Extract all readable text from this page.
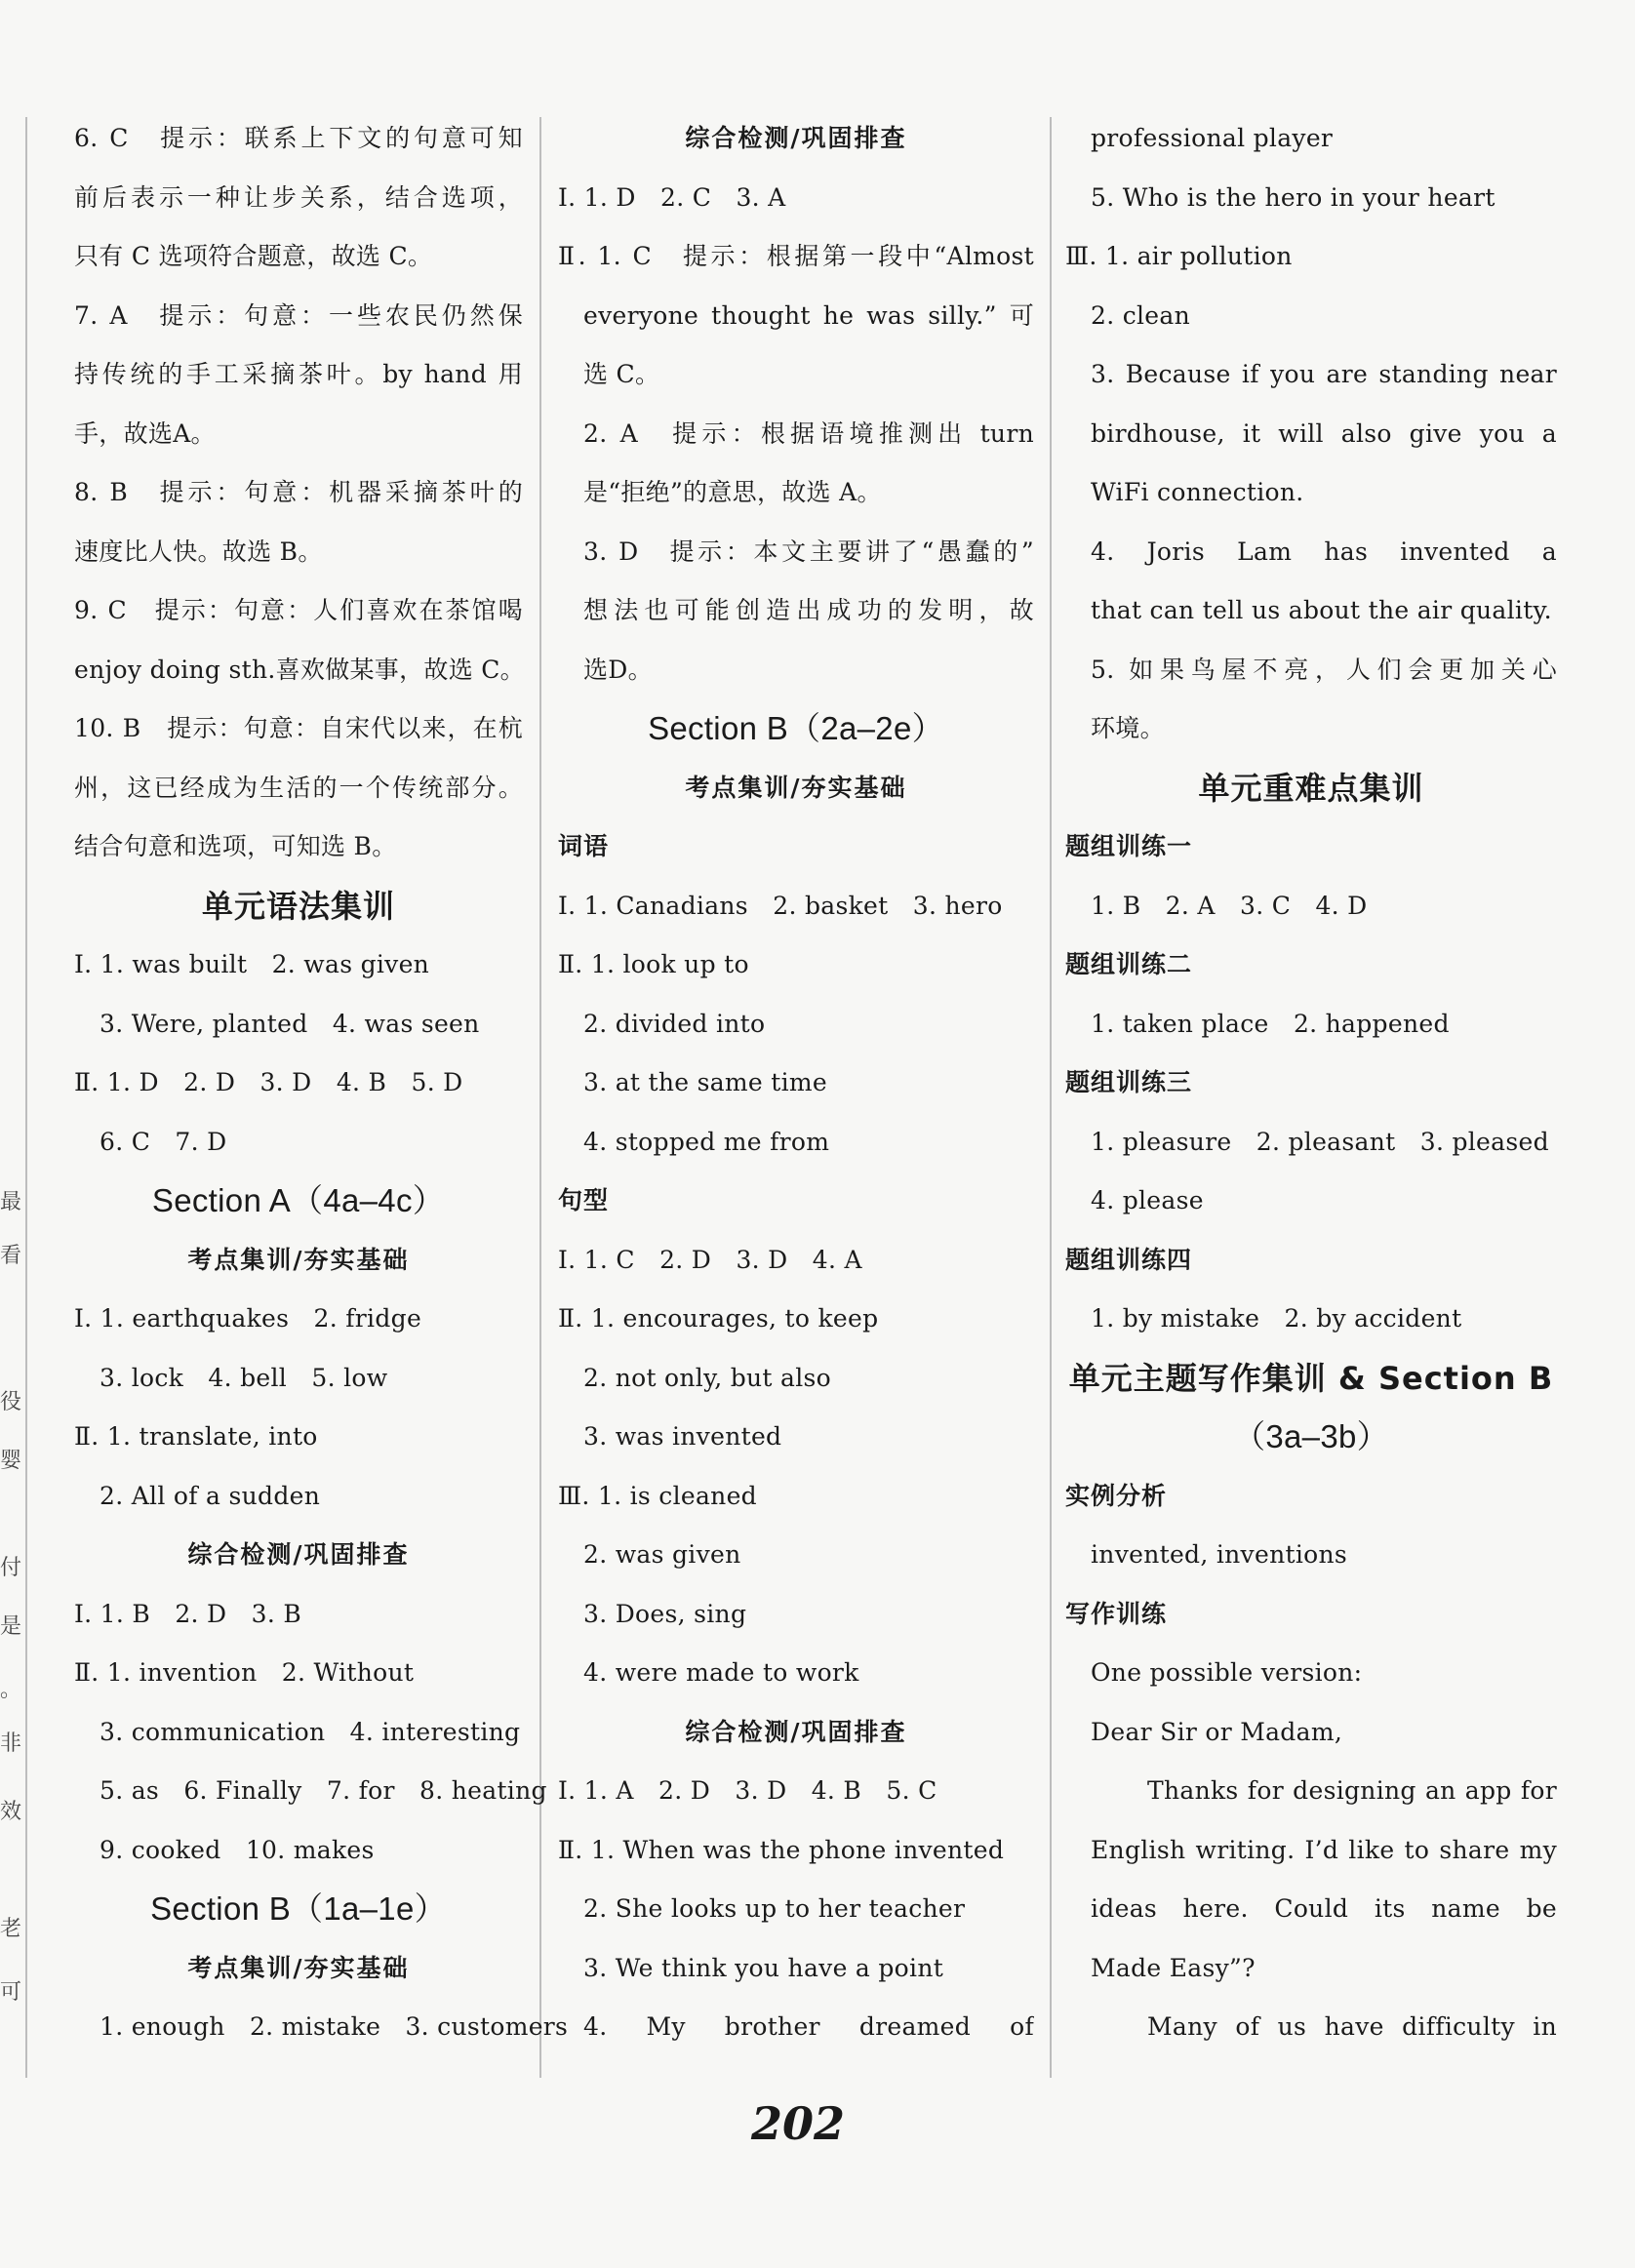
最
看
役
婴
付
是
。
非
效
老
可
6. C　提示：联系上下文的句意可知
前后表示一种让步关系，结合选项，
只有 C 选项符合题意，故选 C。
7. A　提示：句意：一些农民仍然保
持传统的手工采摘茶叶。by hand 用
手，故选A。
8. B　提示：句意：机器采摘茶叶的
速度比人快。故选 B。
9. C　提示：句意：人们喜欢在茶馆喝
enjoy doing sth.喜欢做某事，故选 C。
10. B　提示：句意：自宋代以来，在杭
州，这已经成为生活的一个传统部分。
结合句意和选项，可知选 B。
单元语法集训
Ⅰ. 1. was built　2. was given
3. Were, planted　4. was seen
Ⅱ. 1. D　2. D　3. D　4. B　5. D
6. C　7. D
Section A（4a–4c）
考点集训/夯实基础
Ⅰ. 1. earthquakes　2. fridge
3. lock　4. bell　5. low
Ⅱ. 1. translate, into
2. All of a sudden
综合检测/巩固排查
Ⅰ. 1. B　2. D　3. B
Ⅱ. 1. invention　2. Without
3. communication　4. interesting
5. as　6. Finally　7. for　8. heating
9. cooked　10. makes
Section B（1a–1e）
考点集训/夯实基础
1. enough　2. mistake　3. customers
综合检测/巩固排查
Ⅰ. 1. D　2. C　3. A
Ⅱ. 1. C　提示：根据第一段中“Almost
everyone thought he was silly.” 可
选 C。
2. A　提示：根据语境推测出 turn
是“拒绝”的意思，故选 A。
3. D　提示：本文主要讲了“愚蠢的”
想法也可能创造出成功的发明，故
选D。
Section B（2a–2e）
考点集训/夯实基础
词语
Ⅰ. 1. Canadians　2. basket　3. hero
Ⅱ. 1. look up to
2. divided into
3. at the same time
4. stopped me from
句型
Ⅰ. 1. C　2. D　3. D　4. A
Ⅱ. 1. encourages, to keep
2. not only, but also
3. was invented
Ⅲ. 1. is cleaned
2. was given
3. Does, sing
4. were made to work
综合检测/巩固排查
Ⅰ. 1. A　2. D　3. D　4. B　5. C
Ⅱ. 1. When was the phone invented
2. She looks up to her teacher
3. We think you have a point
4. My brother dreamed of
professional player
5. Who is the hero in your heart
Ⅲ. 1. air pollution
2. clean
3. Because if you are standing near
birdhouse, it will also give you a
WiFi connection.
4. Joris Lam has invented a
that can tell us about the air quality.
5. 如果鸟屋不亮，人们会更加关心
环境。
单元重难点集训
题组训练一
1. B　2. A　3. C　4. D
题组训练二
1. taken place　2. happened
题组训练三
1. pleasure　2. pleasant　3. pleased
4. please
题组训练四
1. by mistake　2. by accident
单元主题写作集训 & Section B
（3a–3b）
实例分析
invented, inventions
写作训练
One possible version:
Dear Sir or Madam,
Thanks for designing an app for
English writing. I’d like to share my
ideas here. Could its name be
Made Easy”?
Many of us have difficulty in
202
